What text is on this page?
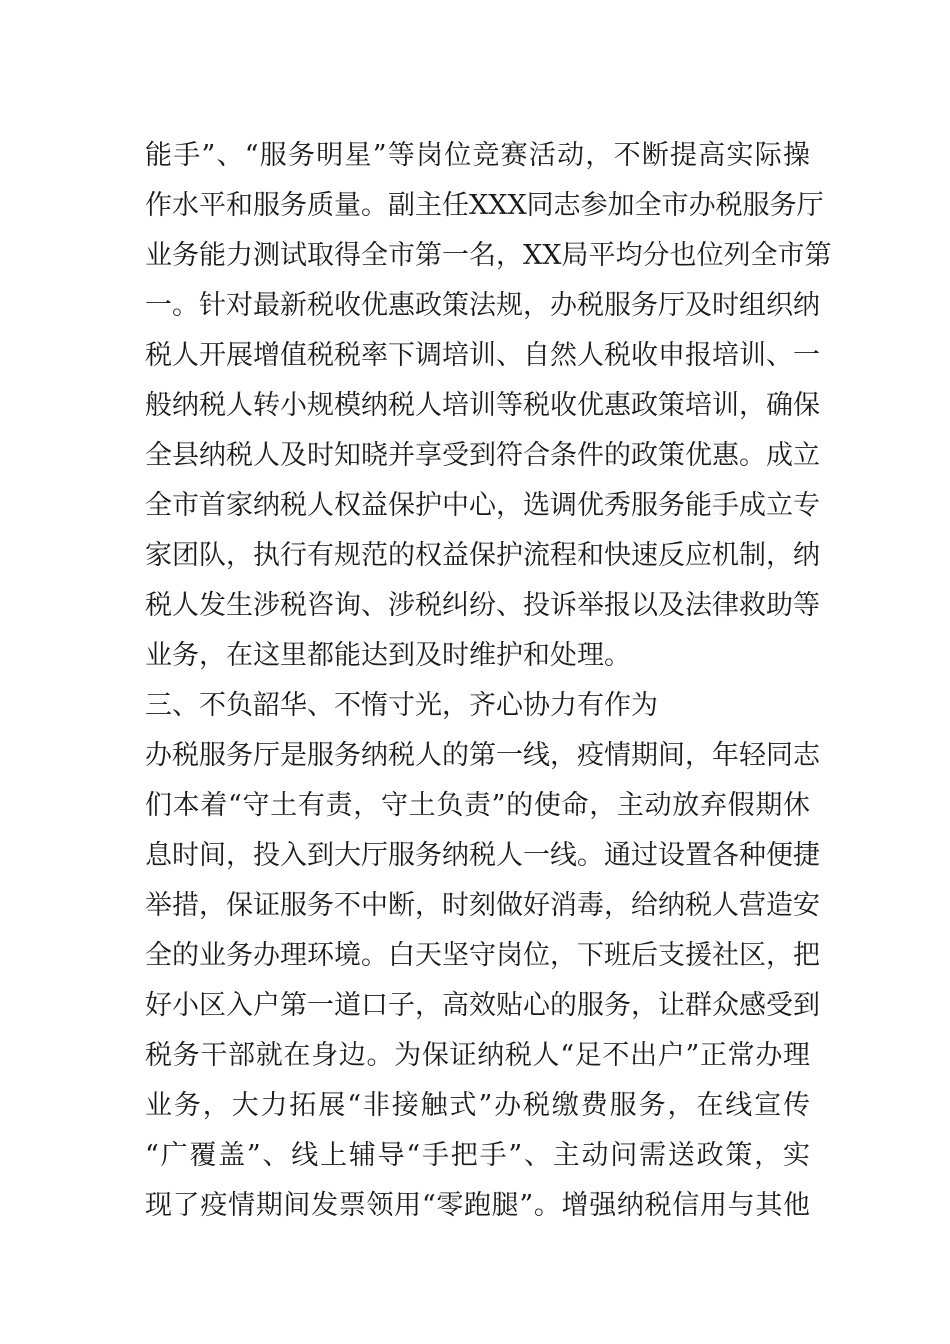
能手”、“服务明星”等岗位竞赛活动，不断提高实际操
作水平和服务质量。副主任XXX同志参加全市办税服务厅
业务能力测试取得全市第一名，XX局平均分也位列全市第
一。针对最新税收优惠政策法规，办税服务厅及时组织纳
税人开展增值税税率下调培训、自然人税收申报培训、一
般纳税人转小规模纳税人培训等税收优惠政策培训，确保
全县纳税人及时知晓并享受到符合条件的政策优惠。成立
全市首家纳税人权益保护中心，选调优秀服务能手成立专
家团队，执行有规范的权益保护流程和快速反应机制，纳
税人发生涉税咨询、涉税纠纷、投诉举报以及法律救助等
业务，在这里都能达到及时维护和处理。
三、不负韶华、不惰寸光，齐心协力有作为
办税服务厅是服务纳税人的第一线，疫情期间，年轻同志
们本着“守土有责，守土负责”的使命，主动放弃假期休
息时间，投入到大厅服务纳税人一线。通过设置各种便捷
举措，保证服务不中断，时刻做好消毒，给纳税人营造安
全的业务办理环境。白天坚守岗位，下班后支援社区，把
好小区入户第一道口子，高效贴心的服务，让群众感受到
税务干部就在身边。为保证纳税人“足不出户”正常办理
业务，大力拓展“非接触式”办税缴费服务，在线宣传
“广覆盖”、线上辅导“手把手”、主动问需送政策，实
现了疫情期间发票领用“零跑腿”。增强纳税信用与其他
